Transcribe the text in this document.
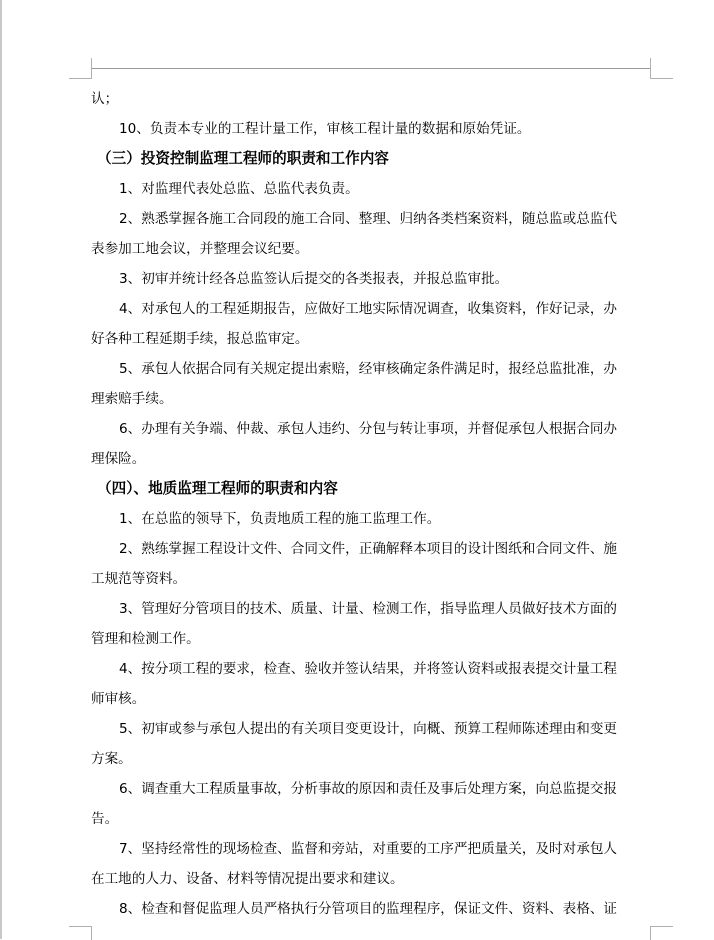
认；
10、负责本专业的工程计量工作，审核工程计量的数据和原始凭证。
（三）投资控制监理工程师的职责和工作内容
1、对监理代表处总监、总监代表负责。
2、熟悉掌握各施工合同段的施工合同、整理、归纳各类档案资料，随总监或总监代
表参加工地会议，并整理会议纪要。
3、初审并统计经各总监签认后提交的各类报表，并报总监审批。
4、对承包人的工程延期报告，应做好工地实际情况调查，收集资料，作好记录，办
好各种工程延期手续，报总监审定。
5、承包人依据合同有关规定提出索赔，经审核确定条件满足时，报经总监批准，办
理索赔手续。
6、办理有关争端、仲裁、承包人违约、分包与转让事项，并督促承包人根据合同办
理保险。
（四）、地质监理工程师的职责和内容
1、在总监的领导下，负责地质工程的施工监理工作。
2、熟练掌握工程设计文件、合同文件，正确解释本项目的设计图纸和合同文件、施
工规范等资料。
3、管理好分管项目的技术、质量、计量、检测工作，指导监理人员做好技术方面的
管理和检测工作。
4、按分项工程的要求，检查、验收并签认结果，并将签认资料或报表提交计量工程
师审核。
5、初审或参与承包人提出的有关项目变更设计，向概、预算工程师陈述理由和变更
方案。
6、调查重大工程质量事故，分析事故的原因和责任及事后处理方案，向总监提交报
告。
7、坚持经常性的现场检查、监督和旁站，对重要的工序严把质量关，及时对承包人
在工地的人力、设备、材料等情况提出要求和建议。
8、检查和督促监理人员严格执行分管项目的监理程序，保证文件、资料、表格、证
